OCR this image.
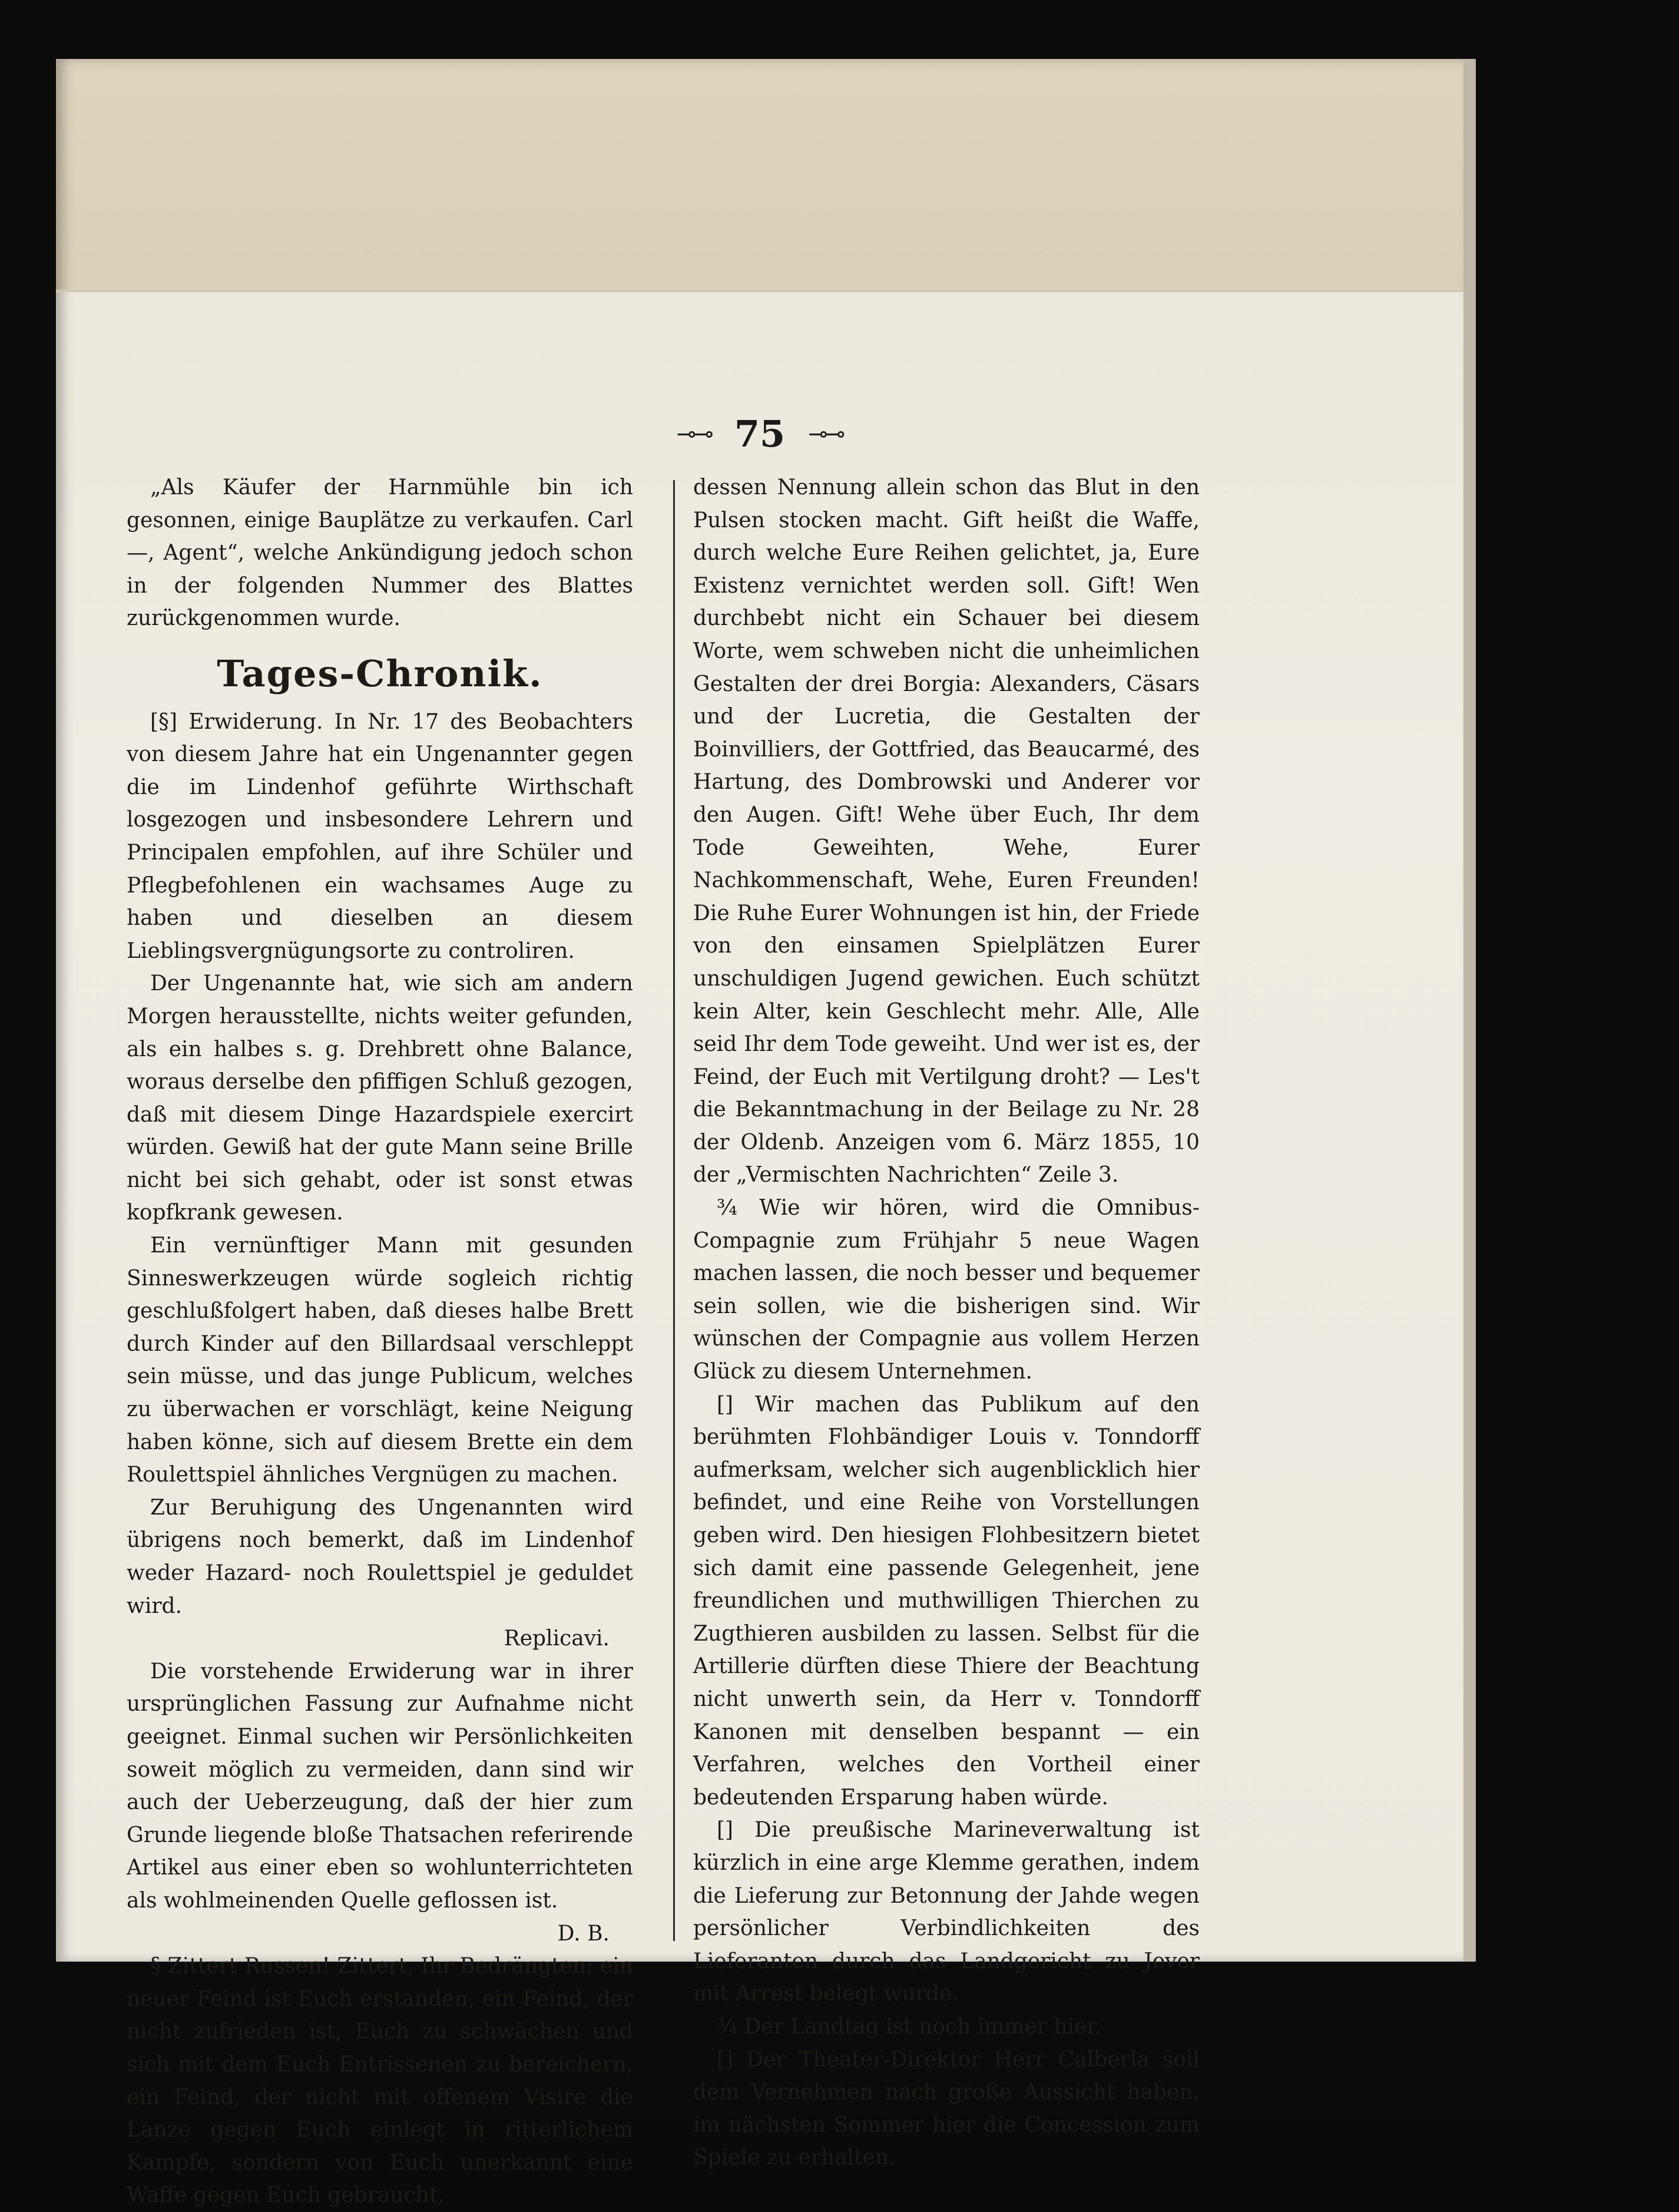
⊸⊸ 75 ⊸⊸

„Als Käufer der Harnmühle bin ich gesonnen, einige Bauplätze zu verkaufen. Carl —, Agent“, welche Ankündigung jedoch schon in der folgenden Nummer des Blattes zurückgenommen wurde.

Tages-Chronik.

[§] Erwiderung. In Nr. 17 des Beobachters von diesem Jahre hat ein Ungenannter gegen die im Lindenhof geführte Wirthschaft losgezogen und insbesondere Lehrern und Principalen empfohlen, auf ihre Schüler und Pflegbefohlenen ein wachsames Auge zu haben und dieselben an diesem Lieblingsvergnügungsorte zu controliren.

Der Ungenannte hat, wie sich am andern Morgen herausstellte, nichts weiter gefunden, als ein halbes s. g. Drehbrett ohne Balance, woraus derselbe den pfiffigen Schluß gezogen, daß mit diesem Dinge Hazardspiele exercirt würden. Gewiß hat der gute Mann seine Brille nicht bei sich gehabt, oder ist sonst etwas kopfkrank gewesen.

Ein vernünftiger Mann mit gesunden Sinneswerkzeugen würde sogleich richtig geschlußfolgert haben, daß dieses halbe Brett durch Kinder auf den Billardsaal verschleppt sein müsse, und das junge Publicum, welches zu überwachen er vorschlägt, keine Neigung haben könne, sich auf diesem Brette ein dem Roulettspiel ähnliches Vergnügen zu machen.

Zur Beruhigung des Ungenannten wird übrigens noch bemerkt, daß im Lindenhof weder Hazard- noch Roulettspiel je geduldet wird.

Replicavi.

Die vorstehende Erwiderung war in ihrer ursprünglichen Fassung zur Aufnahme nicht geeignet. Einmal suchen wir Persönlichkeiten soweit möglich zu vermeiden, dann sind wir auch der Ueberzeugung, daß der hier zum Grunde liegende bloße Thatsachen referirende Artikel aus einer eben so wohlunterrichteten als wohlmeinenden Quelle geflossen ist.

D. B.

§ Zittert Russen! Zittert, Ihr Bedrängten; ein neuer Feind ist Euch erstanden, ein Feind, der nicht zufrieden ist, Euch zu schwächen und sich mit dem Euch Entrissenen zu bereichern, ein Feind, der nicht mit offenem Visire die Lanze gegen Euch einlegt in ritterlichem Kampfe, sondern von Euch unerkannt eine Waffe gegen Euch gebraucht,

dessen Nennung allein schon das Blut in den Pulsen stocken macht. Gift heißt die Waffe, durch welche Eure Reihen gelichtet, ja, Eure Existenz vernichtet werden soll. Gift! Wen durchbebt nicht ein Schauer bei diesem Worte, wem schweben nicht die unheimlichen Gestalten der drei Borgia: Alexanders, Cäsars und der Lucretia, die Gestalten der Boinvilliers, der Gottfried, das Beaucarmé, des Hartung, des Dombrowski und Anderer vor den Augen. Gift! Wehe über Euch, Ihr dem Tode Geweihten, Wehe, Eurer Nachkommenschaft, Wehe, Euren Freunden! Die Ruhe Eurer Wohnungen ist hin, der Friede von den einsamen Spielplätzen Eurer unschuldigen Jugend gewichen. Euch schützt kein Alter, kein Geschlecht mehr. Alle, Alle seid Ihr dem Tode geweiht. Und wer ist es, der Feind, der Euch mit Vertilgung droht? — Les't die Bekanntmachung in der Beilage zu Nr. 28 der Oldenb. Anzeigen vom 6. März 1855, 10 der „Vermischten Nachrichten“ Zeile 3.

¾ Wie wir hören, wird die Omnibus-Compagnie zum Frühjahr 5 neue Wagen machen lassen, die noch besser und bequemer sein sollen, wie die bisherigen sind. Wir wünschen der Compagnie aus vollem Herzen Glück zu diesem Unternehmen.

[] Wir machen das Publikum auf den berühmten Flohbändiger Louis v. Tonndorff aufmerksam, welcher sich augenblicklich hier befindet, und eine Reihe von Vorstellungen geben wird. Den hiesigen Flohbesitzern bietet sich damit eine passende Gelegenheit, jene freundlichen und muthwilligen Thierchen zu Zugthieren ausbilden zu lassen. Selbst für die Artillerie dürften diese Thiere der Beachtung nicht unwerth sein, da Herr v. Tonndorff Kanonen mit denselben bespannt — ein Verfahren, welches den Vortheil einer bedeutenden Ersparung haben würde.

[] Die preußische Marineverwaltung ist kürzlich in eine arge Klemme gerathen, indem die Lieferung zur Betonnung der Jahde wegen persönlicher Verbindlichkeiten des Lieferanten durch das Landgericht zu Jever mit Arrest belegt wurde.

¾ Der Landtag ist noch immer hier.

[] Der Theater-Direktor Herr Calberla soll dem Vernehmen nach große Aussicht haben, im nächsten Sommer hier die Concession zum Spiele zu erhalten.
